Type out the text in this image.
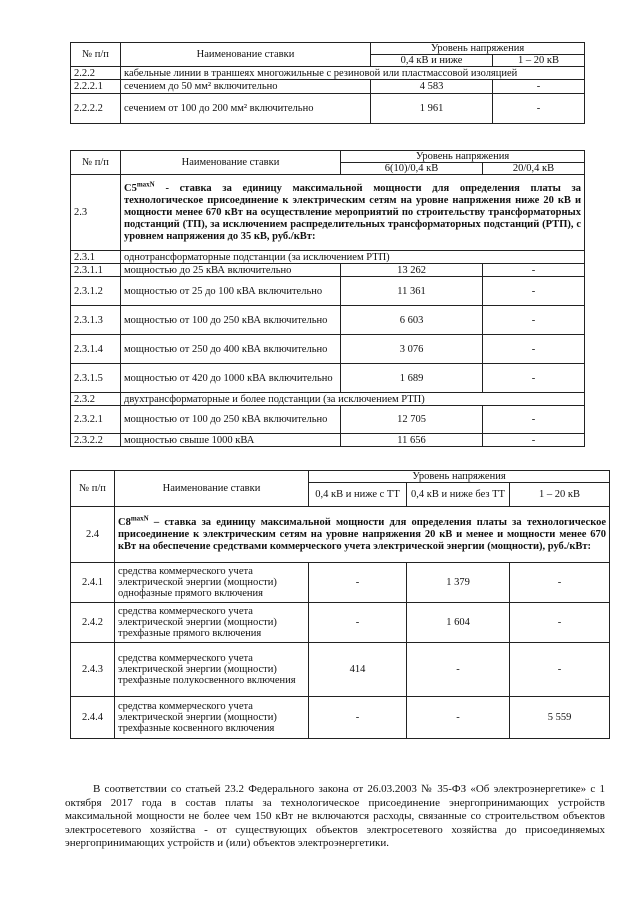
№ п/п	Наименование ставки	Уровень напряжения	
		0,4 кВ и ниже	1 – 20 кВ
2.2.2	кабельные линии в траншеях многожильные с резиновой или пластмассовой изоляцией		
2.2.2.1	сечением до 50 мм² включительно	4 583	-
2.2.2.2	сечением от 100 до 200 мм² включительно	1 961	-
№ п/п	Наименование ставки	Уровень напряжения	
		6(10)/0,4 кВ	20/0,4 кВ
2.3	$C5^{maxN}$ - ставка за единицу максимальной мощности для определения платы за технологическое присоединение к электрическим сетям на уровне напряжения ниже 20 кВ и мощности менее 670 кВт на осуществление мероприятий по строительству трансформаторных подстанций (ТП), за исключением распределительных трансформаторных подстанций (РТП), с уровнем напряжения до 35 кВ, руб./кВт:		
2.3.1	однотрансформаторные подстанции (за исключением РТП)		
2.3.1.1	мощностью до 25 кВА включительно	13 262	-
2.3.1.2	мощностью от 25 до 100 кВА включительно	11 361	-
2.3.1.3	мощностью от 100 до 250 кВА включительно	6 603	-
2.3.1.4	мощностью от 250 до 400 кВА включительно	3 076	-
2.3.1.5	мощностью от 420 до 1000 кВА включительно	1 689	-
2.3.2	двухтрансформаторные и более подстанции (за исключением РТП)		
2.3.2.1	мощностью от 100 до 250 кВА включительно	12 705	-
2.3.2.2	мощностью свыше 1000 кВА	11 656	-
№ п/п	Наименование ставки	Уровень напряжения		
		0,4 кВ и ниже с ТТ	0,4 кВ и ниже без ТТ	1 – 20 кВ
2.4	$C8^{maxN}$ – ставка за единицу максимальной мощности для определения платы за технологическое присоединение к электрическим сетям на уровне напряжения 20 кВ и менее и мощности менее 670 кВт на обеспечение средствами коммерческого учета электрической энергии (мощности), руб./кВт:			
2.4.1	средства коммерческого учета электрической энергии (мощности) однофазные прямого включения	-	1 379	-
2.4.2	средства коммерческого учета электрической энергии (мощности) трехфазные прямого включения	-	1 604	-
2.4.3	средства коммерческого учета электрической энергии (мощности) трехфазные полукосвенного включения	414	-	-
2.4.4	средства коммерческого учета электрической энергии (мощности) трехфазные косвенного включения	-	-	5 559
В соответствии со статьей 23.2 Федерального закона от 26.03.2003 № 35-ФЗ «Об электроэнергетике» с 1 октября 2017 года в состав платы за технологическое присоединение энергопринимающих устройств максимальной мощности не более чем 150 кВт не включаются расходы, связанные со строительством объектов электросетевого хозяйства - от существующих объектов электросетевого хозяйства до присоединяемых энергопринимающих устройств и (или) объектов электроэнергетики.
